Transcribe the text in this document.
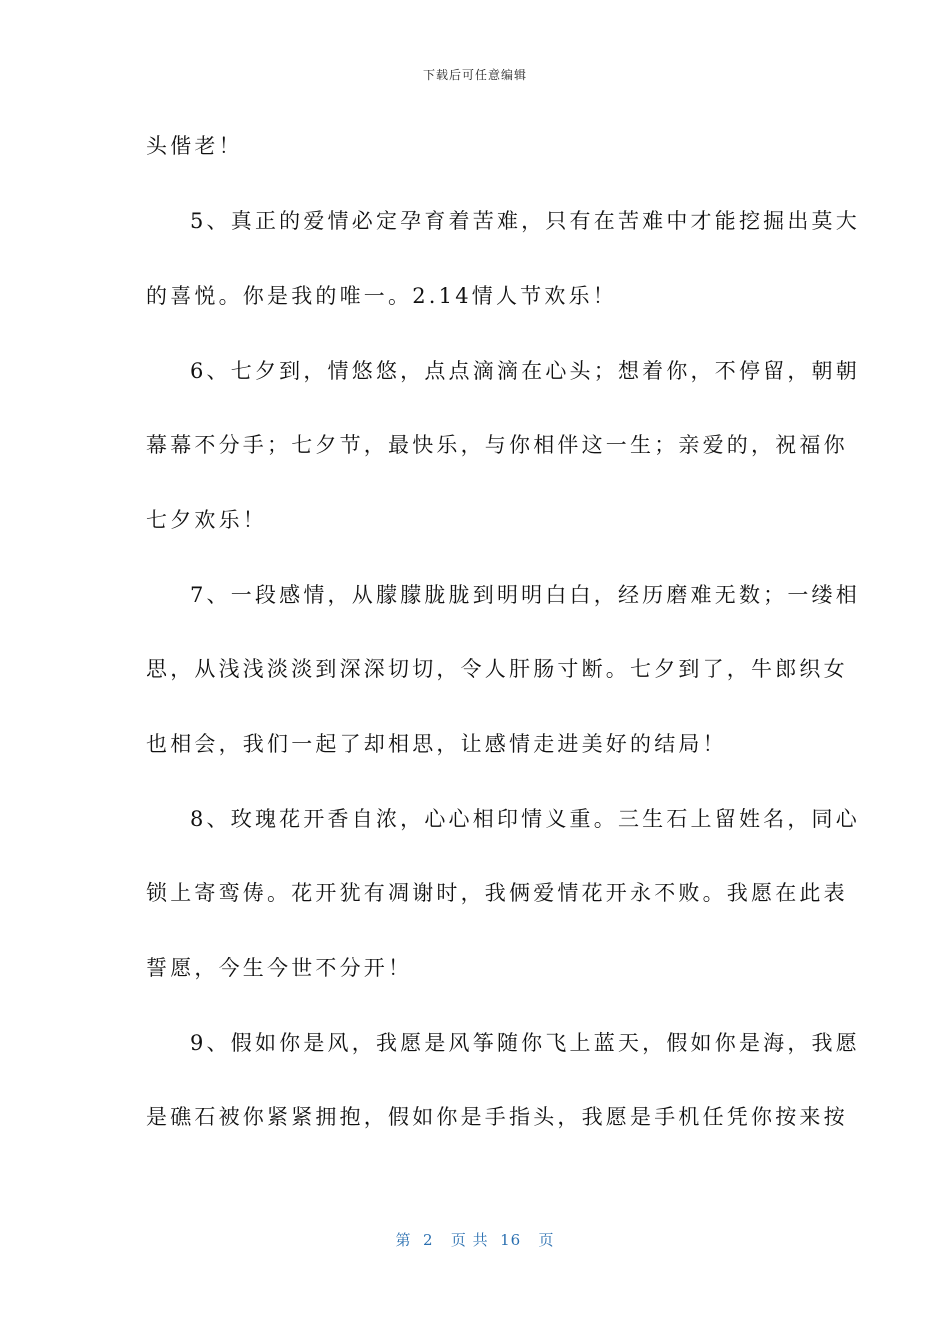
下载后可任意编辑
头偕老！
5、真正的爱情必定孕育着苦难，只有在苦难中才能挖掘出莫大
的喜悦。你是我的唯一。2.14情人节欢乐！
6、七夕到，情悠悠，点点滴滴在心头；想着你，不停留，朝朝
幕幕不分手；七夕节，最快乐，与你相伴这一生；亲爱的，祝福你
七夕欢乐！
7、一段感情，从朦朦胧胧到明明白白，经历磨难无数；一缕相
思，从浅浅淡淡到深深切切，令人肝肠寸断。七夕到了，牛郎织女
也相会，我们一起了却相思，让感情走进美好的结局！
8、玫瑰花开香自浓，心心相印情义重。三生石上留姓名，同心
锁上寄鸾俦。花开犹有凋谢时，我俩爱情花开永不败。我愿在此表
誓愿，今生今世不分开！
9、假如你是风，我愿是风筝随你飞上蓝天，假如你是海，我愿
是礁石被你紧紧拥抱，假如你是手指头，我愿是手机任凭你按来按
第  2   页 共  16   页
